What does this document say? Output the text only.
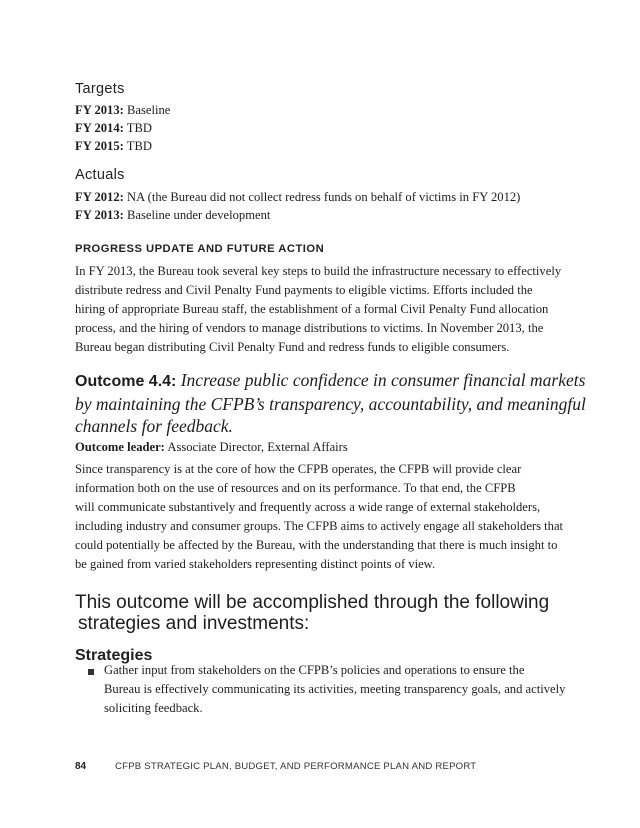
Targets
FY 2013: Baseline
FY 2014: TBD
FY 2015: TBD
Actuals
FY 2012: NA (the Bureau did not collect redress funds on behalf of victims in FY 2012)
FY 2013: Baseline under development
PROGRESS UPDATE AND FUTURE ACTION
In FY 2013, the Bureau took several key steps to build the infrastructure necessary to effectively
distribute redress and Civil Penalty Fund payments to eligible victims. Efforts included the
hiring of appropriate Bureau staff, the establishment of a formal Civil Penalty Fund allocation
process, and the hiring of vendors to manage distributions to victims. In November 2013, the
Bureau began distributing Civil Penalty Fund and redress funds to eligible consumers.
Outcome 4.4: Increase public confidence in consumer financial markets
by maintaining the CFPB’s transparency, accountability, and meaningful
channels for feedback.
Outcome leader: Associate Director, External Affairs
Since transparency is at the core of how the CFPB operates, the CFPB will provide clear
information both on the use of resources and on its performance. To that end, the CFPB
will communicate substantively and frequently across a wide range of external stakeholders,
including industry and consumer groups. The CFPB aims to actively engage all stakeholders that
could potentially be affected by the Bureau, with the understanding that there is much insight to
be gained from varied stakeholders representing distinct points of view.
This outcome will be accomplished through the following
strategies and investments:
Strategies
Gather input from stakeholders on the CFPB’s policies and operations to ensure the
Bureau is effectively communicating its activities, meeting transparency goals, and actively
soliciting feedback.
84	CFPB STRATEGIC PLAN, BUDGET, AND PERFORMANCE PLAN AND REPORT
